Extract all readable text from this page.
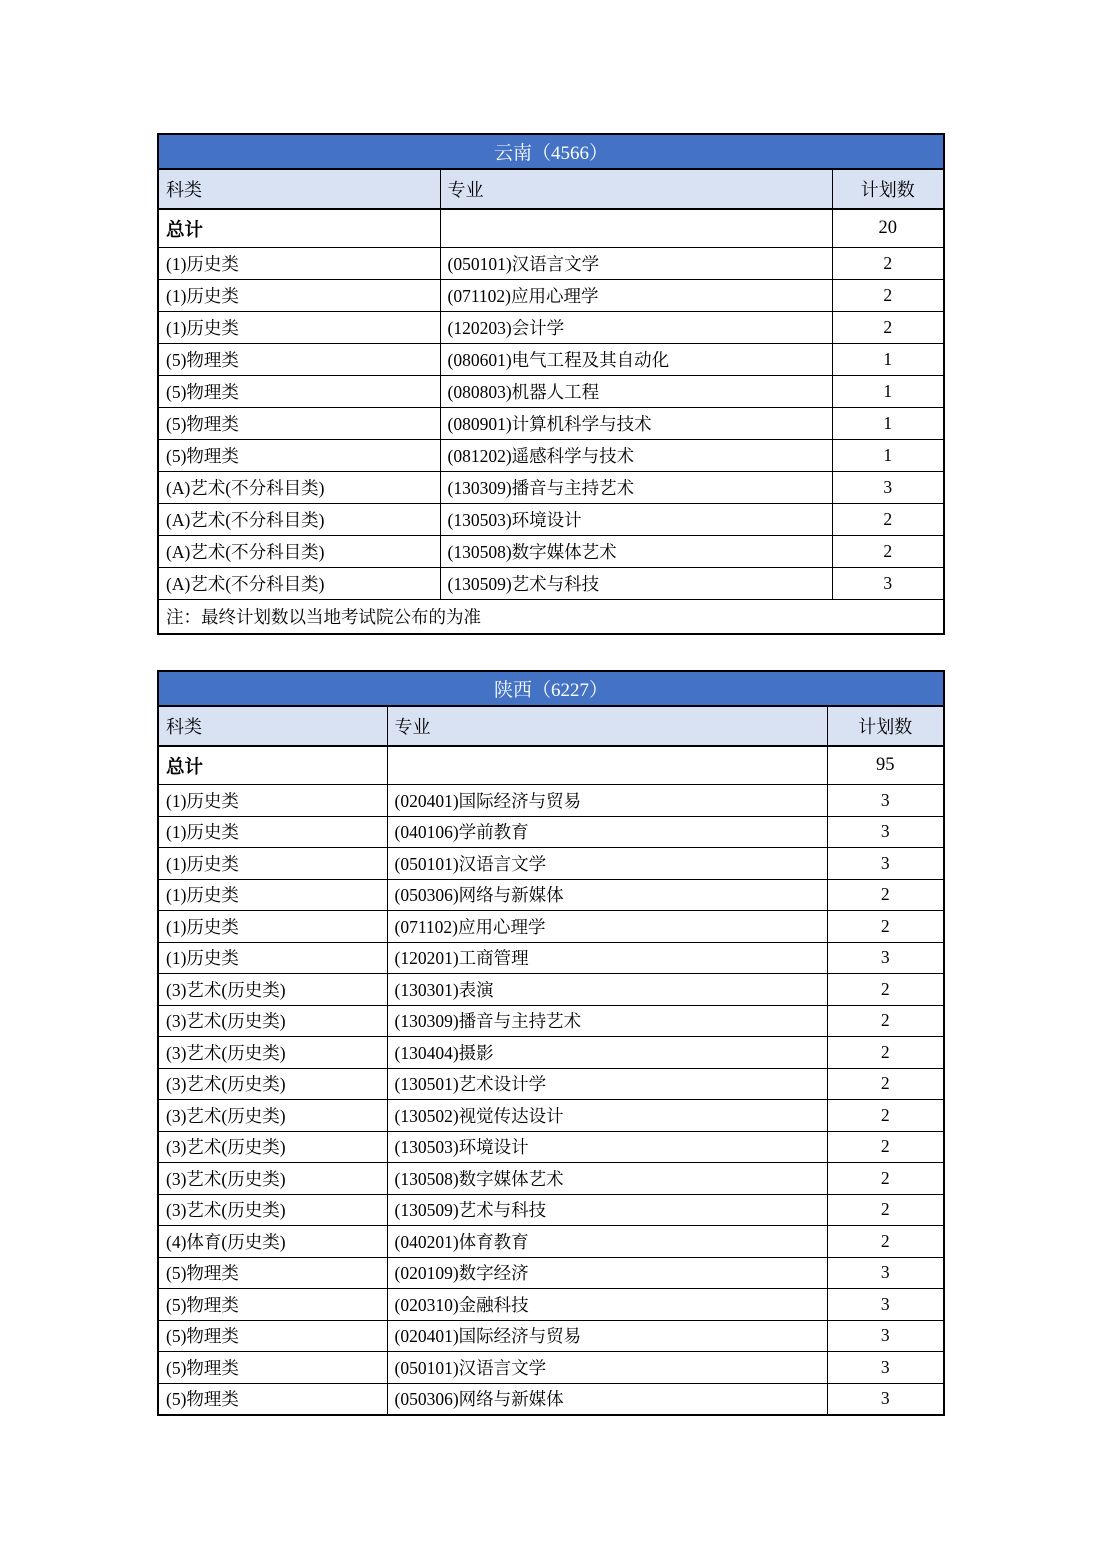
云南（4566）		
科类	专业	计划数
总计		20
(1)历史类	(050101)汉语言文学	2
(1)历史类	(071102)应用心理学	2
(1)历史类	(120203)会计学	2
(5)物理类	(080601)电气工程及其自动化	1
(5)物理类	(080803)机器人工程	1
(5)物理类	(080901)计算机科学与技术	1
(5)物理类	(081202)遥感科学与技术	1
(A)艺术(不分科目类)	(130309)播音与主持艺术	3
(A)艺术(不分科目类)	(130503)环境设计	2
(A)艺术(不分科目类)	(130508)数字媒体艺术	2
(A)艺术(不分科目类)	(130509)艺术与科技	3
注：最终计划数以当地考试院公布的为准		
陕西（6227）		
科类	专业	计划数
总计		95
(1)历史类	(020401)国际经济与贸易	3
(1)历史类	(040106)学前教育	3
(1)历史类	(050101)汉语言文学	3
(1)历史类	(050306)网络与新媒体	2
(1)历史类	(071102)应用心理学	2
(1)历史类	(120201)工商管理	3
(3)艺术(历史类)	(130301)表演	2
(3)艺术(历史类)	(130309)播音与主持艺术	2
(3)艺术(历史类)	(130404)摄影	2
(3)艺术(历史类)	(130501)艺术设计学	2
(3)艺术(历史类)	(130502)视觉传达设计	2
(3)艺术(历史类)	(130503)环境设计	2
(3)艺术(历史类)	(130508)数字媒体艺术	2
(3)艺术(历史类)	(130509)艺术与科技	2
(4)体育(历史类)	(040201)体育教育	2
(5)物理类	(020109)数字经济	3
(5)物理类	(020310)金融科技	3
(5)物理类	(020401)国际经济与贸易	3
(5)物理类	(050101)汉语言文学	3
(5)物理类	(050306)网络与新媒体	3
